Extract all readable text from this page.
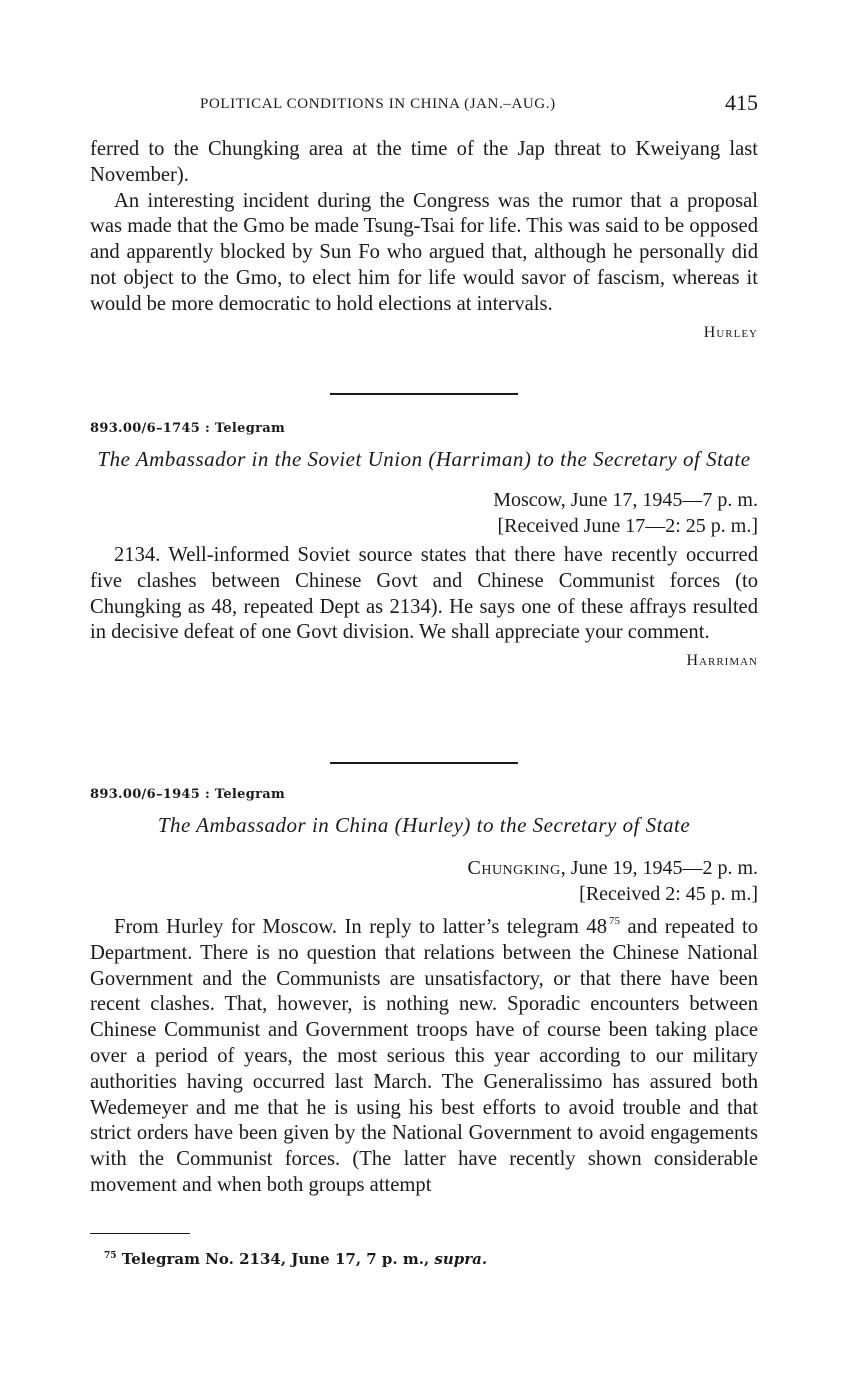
POLITICAL CONDITIONS IN CHINA (JAN.–AUG.)	415

ferred to the Chungking area at the time of the Jap threat to Kweiyang last November).

An interesting incident during the Congress was the rumor that a proposal was made that the Gmo be made Tsung-Tsai for life. This was said to be opposed and apparently blocked by Sun Fo who argued that, although he personally did not object to the Gmo, to elect him for life would savor of fascism, whereas it would be more democratic to hold elections at intervals.

Hurley
893.00/6–1745 : Telegram
The Ambassador in the Soviet Union (Harriman) to the Secretary of State
Moscow, June 17, 1945—7 p. m.
[Received June 17—2: 25 p. m.]

2134. Well-informed Soviet source states that there have recently occurred five clashes between Chinese Govt and Chinese Communist forces (to Chungking as 48, repeated Dept as 2134). He says one of these affrays resulted in decisive defeat of one Govt division. We shall appreciate your comment.

Harriman
893.00/6–1945 : Telegram
The Ambassador in China (Hurley) to the Secretary of State
Chungking, June 19, 1945—2 p. m.
[Received 2: 45 p. m.]

From Hurley for Moscow. In reply to latter’s telegram 48 $^{75}$ and repeated to Department. There is no question that relations between the Chinese National Government and the Communists are unsatisfactory, or that there have been recent clashes. That, however, is nothing new. Sporadic encounters between Chinese Communist and Government troops have of course been taking place over a period of years, the most serious this year according to our military authorities having occurred last March. The Generalissimo has assured both Wedemeyer and me that he is using his best efforts to avoid trouble and that strict orders have been given by the National Government to avoid engagements with the Communist forces. (The latter have recently shown considerable movement and when both groups attempt

$^{75}$ Telegram No. 2134, June 17, 7 p. m., supra.
